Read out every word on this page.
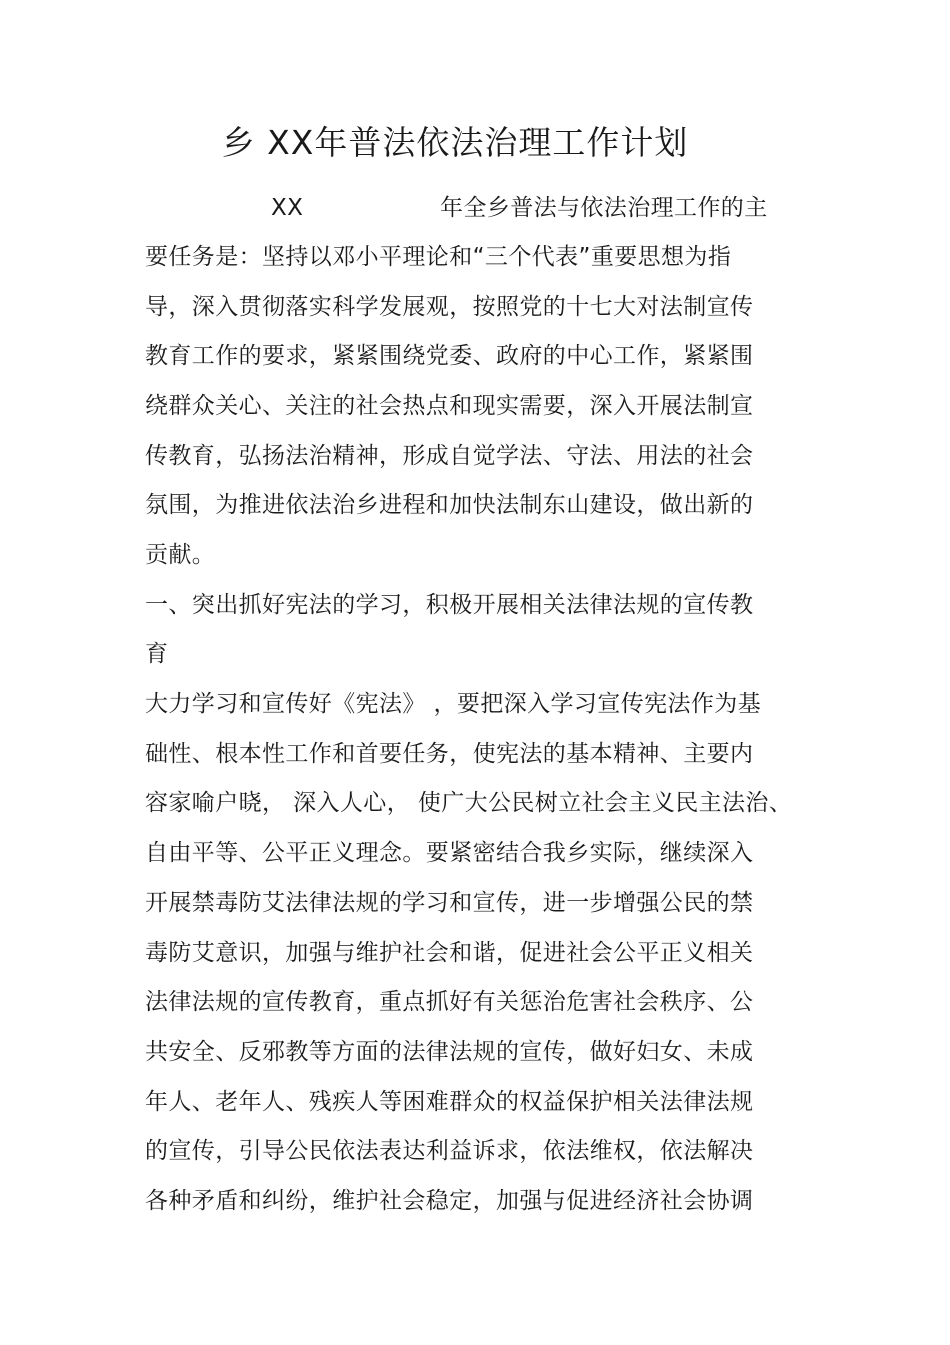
乡 XX年普法依法治理工作计划
XX	年全乡普法与依法治理工作的主
要任务是：坚持以邓小平理论和“三个代表”重要思想为指
导，深入贯彻落实科学发展观，按照党的十七大对法制宣传
教育工作的要求，紧紧围绕党委、政府的中心工作，紧紧围
绕群众关心、关注的社会热点和现实需要，深入开展法制宣
传教育，弘扬法治精神，形成自觉学法、守法、用法的社会
氛围，为推进依法治乡进程和加快法制东山建设，做出新的
贡献。
一、突出抓好宪法的学习，积极开展相关法律法规的宣传教
育
大力学习和宣传好《宪法》 ，要把深入学习宣传宪法作为基
础性、根本性工作和首要任务，使宪法的基本精神、主要内
容家喻户晓， 深入人心， 使广大公民树立社会主义民主法治、
自由平等、公平正义理念。要紧密结合我乡实际，继续深入
开展禁毒防艾法律法规的学习和宣传，进一步增强公民的禁
毒防艾意识，加强与维护社会和谐，促进社会公平正义相关
法律法规的宣传教育，重点抓好有关惩治危害社会秩序、公
共安全、反邪教等方面的法律法规的宣传，做好妇女、未成
年人、老年人、残疾人等困难群众的权益保护相关法律法规
的宣传，引导公民依法表达利益诉求，依法维权，依法解决
各种矛盾和纠纷，维护社会稳定，加强与促进经济社会协调
